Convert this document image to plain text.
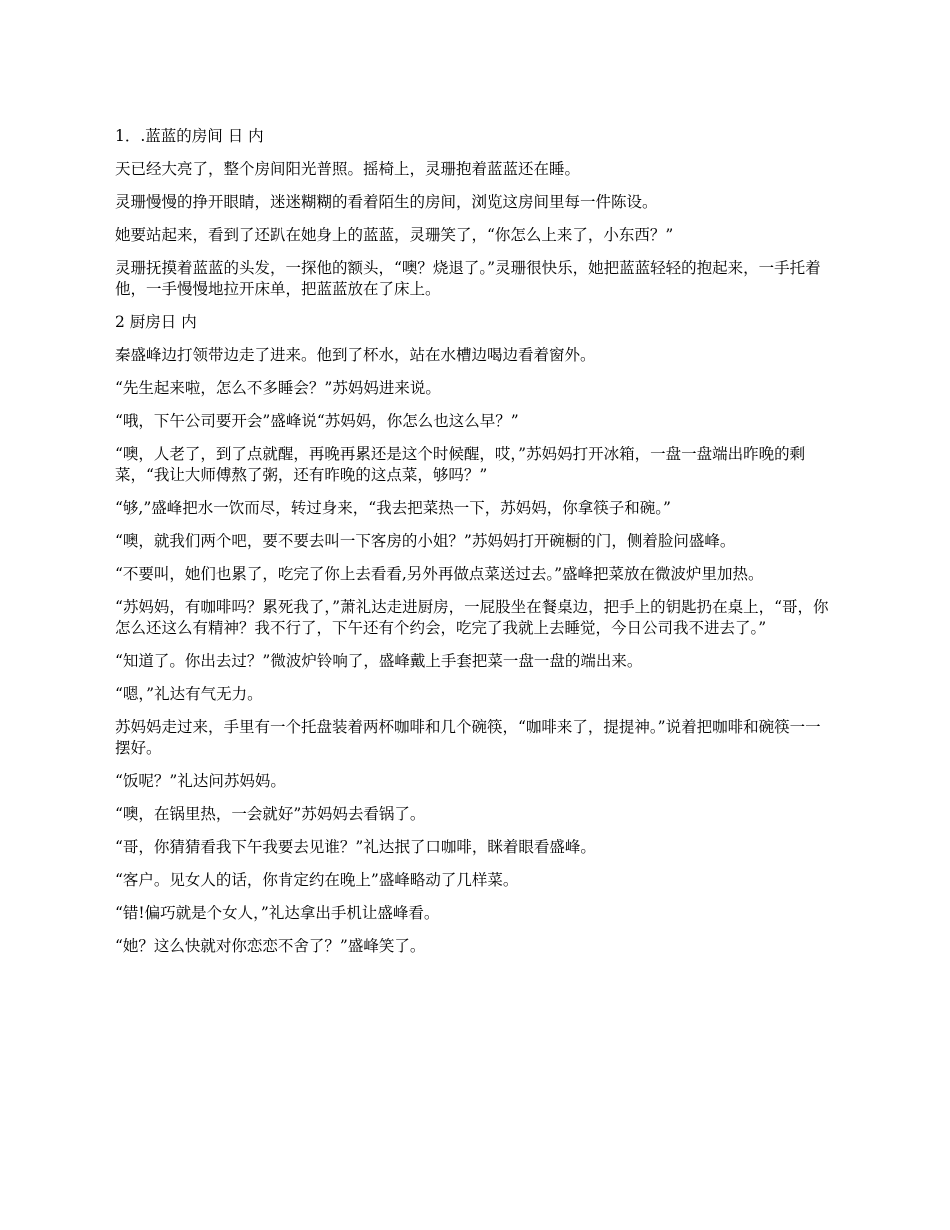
1．.蓝蓝的房间 日 内

天已经大亮了，整个房间阳光普照。摇椅上，灵珊抱着蓝蓝还在睡。

灵珊慢慢的挣开眼睛，迷迷糊糊的看着陌生的房间，浏览这房间里每一件陈设。

她要站起来，看到了还趴在她身上的蓝蓝，灵珊笑了，“你怎么上来了，小东西？”

灵珊抚摸着蓝蓝的头发，一探他的额头，“噢？烧退了。”灵珊很快乐，她把蓝蓝轻轻的抱起来，一手托着他，一手慢慢地拉开床单，把蓝蓝放在了床上。

2 厨房日 内

秦盛峰边打领带边走了进来。他到了杯水，站在水槽边喝边看着窗外。

“先生起来啦，怎么不多睡会？”苏妈妈进来说。

“哦，下午公司要开会”盛峰说“苏妈妈，你怎么也这么早？”

“噢，人老了，到了点就醒，再晚再累还是这个时候醒，哎，”苏妈妈打开冰箱，一盘一盘端出昨晚的剩菜，“我让大师傅熬了粥，还有昨晚的这点菜，够吗？”

“够,”盛峰把水一饮而尽，转过身来，“我去把菜热一下，苏妈妈，你拿筷子和碗。”

“噢，就我们两个吧，要不要去叫一下客房的小姐？”苏妈妈打开碗橱的门，侧着脸问盛峰。

“不要叫，她们也累了，吃完了你上去看看,另外再做点菜送过去。”盛峰把菜放在微波炉里加热。

“苏妈妈，有咖啡吗？累死我了，”萧礼达走进厨房，一屁股坐在餐桌边，把手上的钥匙扔在桌上，“哥，你怎么还这么有精神？我不行了，下午还有个约会，吃完了我就上去睡觉，今日公司我不进去了。”

“知道了。你出去过？”微波炉铃响了，盛峰戴上手套把菜一盘一盘的端出来。

“嗯，”礼达有气无力。

苏妈妈走过来，手里有一个托盘装着两杯咖啡和几个碗筷，“咖啡来了，提提神。”说着把咖啡和碗筷一一摆好。

“饭呢？”礼达问苏妈妈。

“噢，在锅里热，一会就好”苏妈妈去看锅了。

“哥，你猜猜看我下午我要去见谁？”礼达抿了口咖啡，眯着眼看盛峰。

“客户。见女人的话，你肯定约在晚上”盛峰略动了几样菜。

“错!偏巧就是个女人，”礼达拿出手机让盛峰看。

“她？这么快就对你恋恋不舍了？”盛峰笑了。
